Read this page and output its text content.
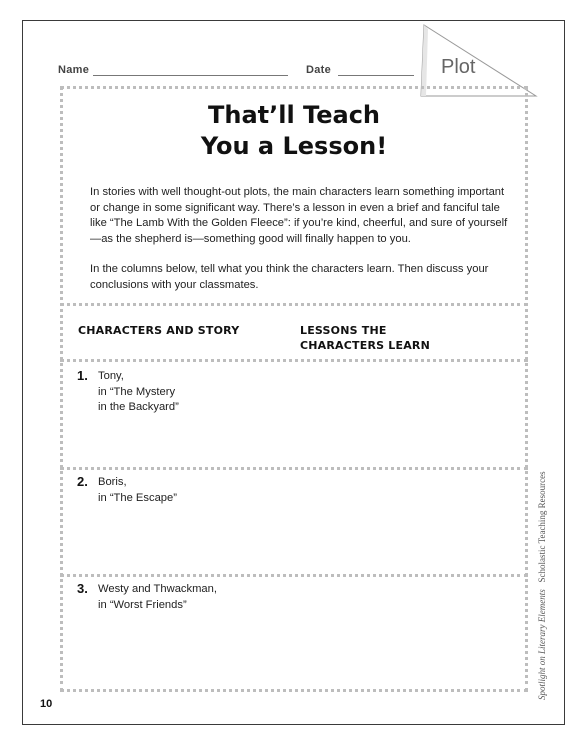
Name	Date	Plot
That’ll Teach
You a Lesson!
In stories with well thought-out plots, the main characters learn something important or change in some significant way. There’s a lesson in even a brief and fanciful tale like “The Lamb With the Golden Fleece”: if you’re kind, cheerful, and sure of yourself—as the shepherd is—something good will finally happen to you.
In the columns below, tell what you think the characters learn. Then discuss your conclusions with your classmates.
CHARACTERS AND STORY	LESSONS THE
CHARACTERS LEARN
1. Tony,
in “The Mystery
in the Backyard”
2. Boris,
in “The Escape”
3. Westy and Thwackman,
in “Worst Friends”
10
Spotlight on Literary Elements   Scholastic Teaching Resources
